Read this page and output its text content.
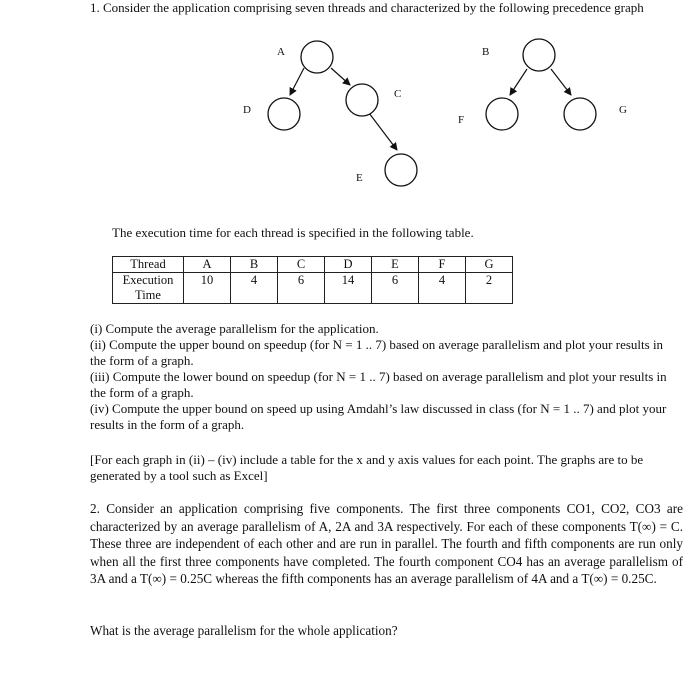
1. Consider the application comprising seven threads and characterized by the following precedence graph
A	B
C
D
E
F
G
The execution time for each thread is specified in the following table.
Thread	A	B	C	D	E	F	G
Execution Time	10	4	6	14	6	4	2

(i) Compute the average parallelism for the application.

(ii) Compute the upper bound on speedup (for N = 1 .. 7) based on average parallelism and plot your results in the form of a graph.

(iii) Compute the lower bound on speedup (for N = 1 .. 7) based on average parallelism and plot your results in the form of a graph.

(iv) Compute the upper bound on speed up using Amdahl’s law discussed in class (for N = 1 .. 7) and plot your results in the form of a graph.

[For each graph in (ii) – (iv) include a table for the x and y axis values for each point. The graphs are to be generated by a tool such as Excel]
2. Consider an application comprising five components. The first three components CO1, CO2, CO3 are characterized by an average parallelism of A, 2A and 3A respectively. For each of these components T(∞) = C. These three are independent of each other and are run in parallel. The fourth and fifth components are run only when all the first three components have completed. The fourth component CO4 has an average parallelism of 3A and a T(∞) = 0.25C whereas the fifth components has an average parallelism of 4A and a T(∞) = 0.25C.
What is the average parallelism for the whole application?
